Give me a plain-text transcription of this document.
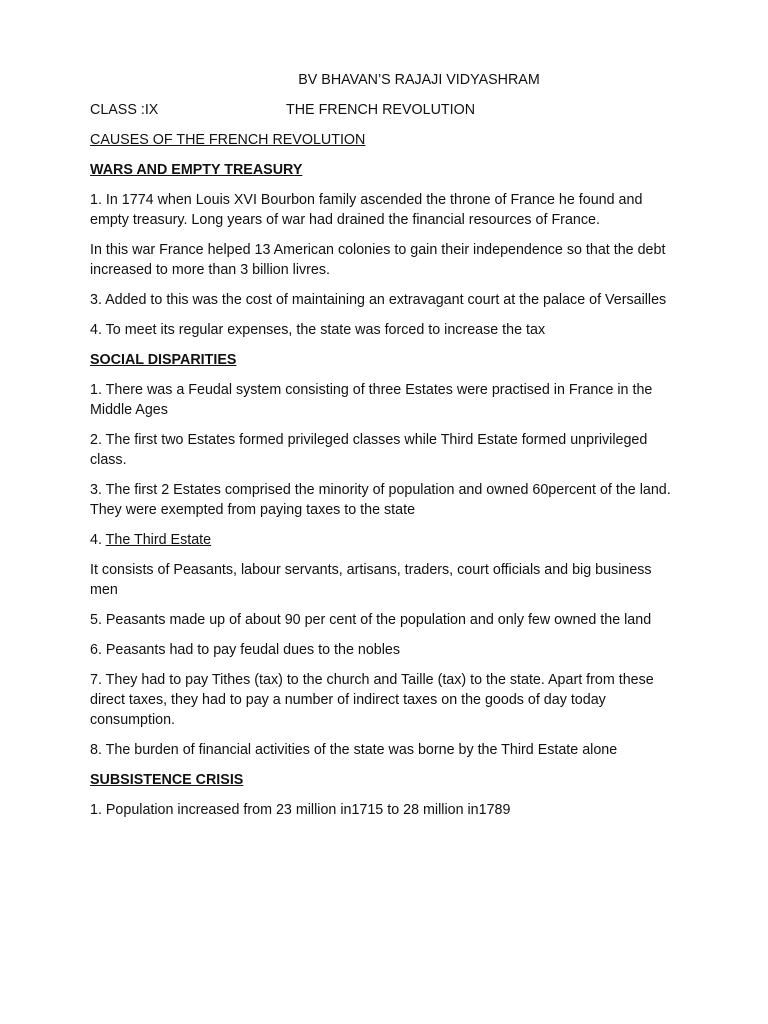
BV BHAVAN’S RAJAJI VIDYASHRAM
CLASS :IX	THE FRENCH REVOLUTION
CAUSES OF THE FRENCH REVOLUTION
WARS AND EMPTY TREASURY
1. In 1774 when Louis XVI Bourbon family ascended the throne of France he found and empty treasury. Long years of war had drained the financial resources of France.
In this war France helped 13 American colonies to gain their independence so that the debt increased to more than 3 billion livres.
3. Added to this was the cost of maintaining an extravagant court at the palace of Versailles
4. To meet its regular expenses, the state was forced to increase the tax
SOCIAL DISPARITIES
1. There was a Feudal system consisting of three Estates were practised in France in the Middle Ages
2. The first two Estates formed privileged classes while Third Estate formed unprivileged class.
3. The first 2 Estates comprised the minority of population and owned 60percent of the land. They were exempted from paying taxes to the state
4. The Third Estate
It consists of Peasants, labour servants, artisans, traders, court officials and big business men
5. Peasants made up of about 90 per cent of the population and only few owned the land
6. Peasants had to pay feudal dues to the nobles
7. They had to pay Tithes (tax) to the church and Taille (tax) to the state. Apart from these direct taxes, they had to pay a number of indirect taxes on the goods of day today consumption.
8. The burden of financial activities of the state was borne by the Third Estate alone
SUBSISTENCE CRISIS
1. Population increased from 23 million in1715 to 28 million in1789
